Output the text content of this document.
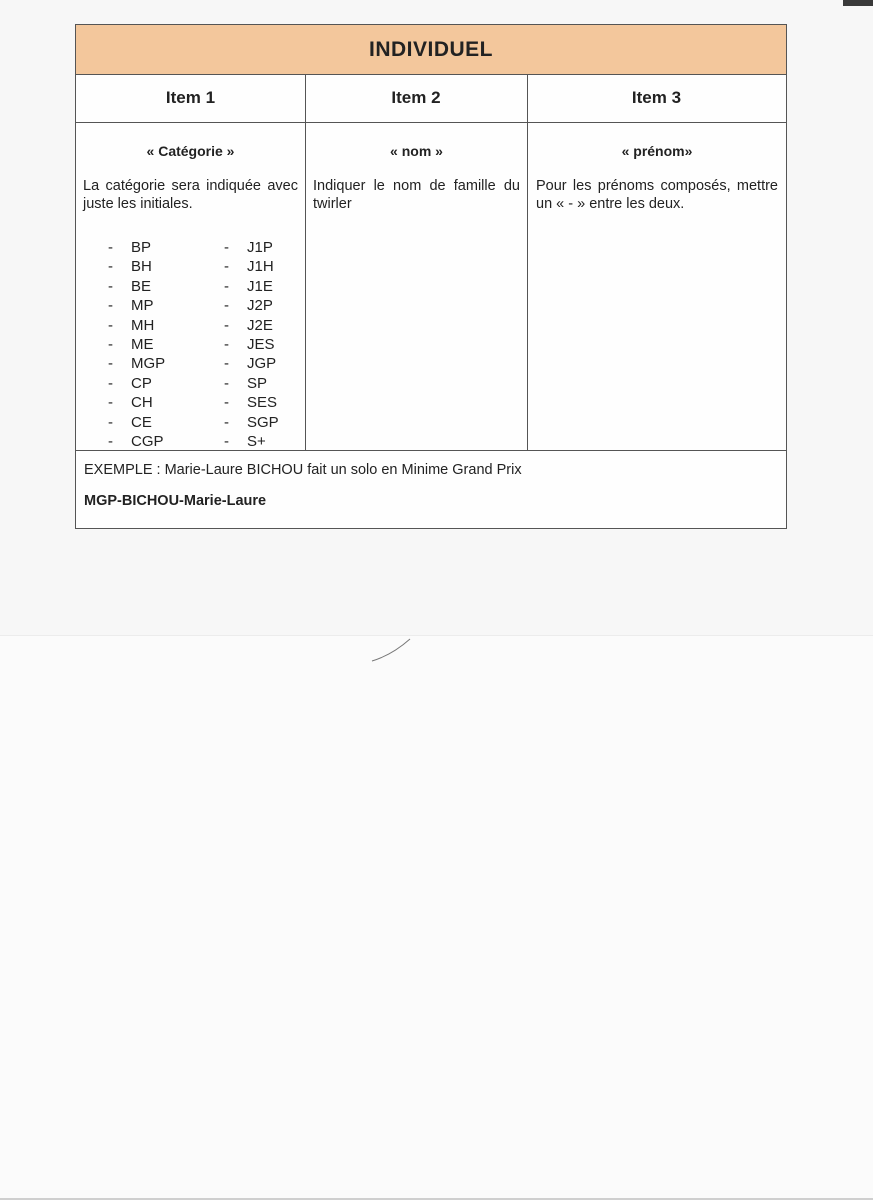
INDIVIDUEL
Item 1	Item 2	Item 3
« Catégorie »
La catégorie sera indiquée avec juste les initiales.
- BP
- BH
- BE
- MP
- MH
- ME
- MGP
- CP
- CH
- CE
- CGP
- J1P
- J1H
- J1E
- J2P
- J2E
- JES
- JGP
- SP
- SES
- SGP
- S+
« nom »
Indiquer le nom de famille du twirler
« prénom»
Pour les prénoms composés, mettre un « - » entre les deux.
EXEMPLE : Marie-Laure BICHOU fait un solo en Minime Grand Prix
MGP-BICHOU-Marie-Laure
